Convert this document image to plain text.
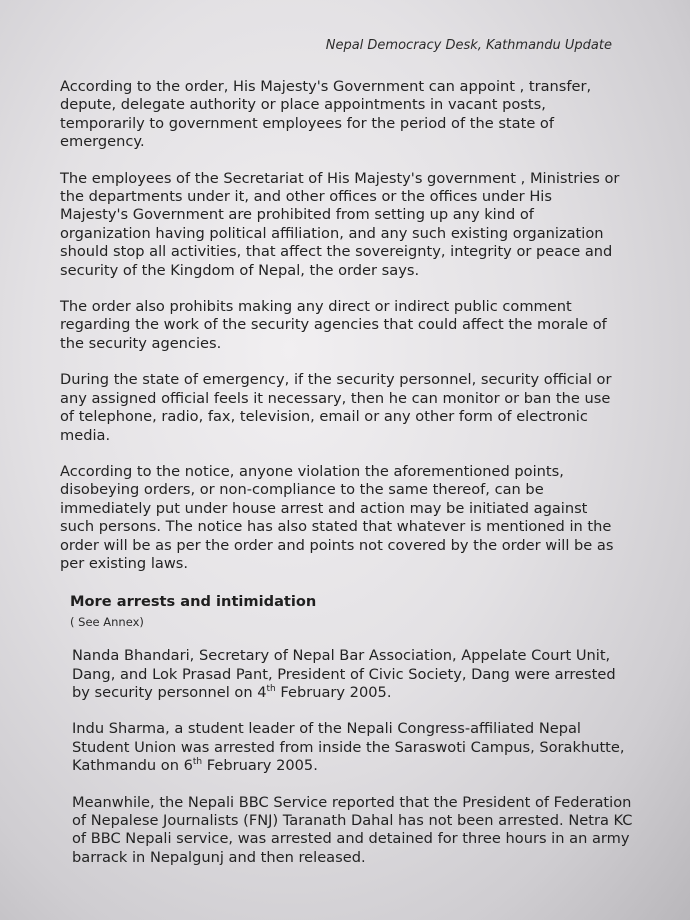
Nepal Democracy Desk, Kathmandu Update

According to the order, His Majesty's Government can appoint , transfer, depute, delegate authority or place appointments in vacant posts, temporarily to government employees for the period of the state of emergency.

The employees of the Secretariat of His Majesty's government , Ministries or the departments under it, and other offices or the offices under His Majesty's Government are prohibited from setting up any kind of organization having political affiliation, and any such existing organization should stop all activities, that affect the sovereignty, integrity or peace and security of the Kingdom of Nepal, the order says.

The order also prohibits making any direct or indirect public comment regarding the work of the security agencies that could affect the morale of the security agencies.

During the state of emergency, if the security personnel, security official or any assigned official feels it necessary, then he can monitor or ban the use of telephone, radio, fax, television, email or any other form of electronic media.

According to the notice, anyone violation the aforementioned points, disobeying orders, or non-compliance to the same thereof, can be immediately put under house arrest and action may be initiated against such persons. The notice has also stated that whatever is mentioned in the order will be as per the order and points not covered by the order will be as per existing laws.

More arrests and intimidation
( See Annex)

Nanda Bhandari, Secretary of Nepal Bar Association, Appelate Court Unit, Dang, and Lok Prasad Pant, President of Civic Society, Dang were arrested by security personnel on 4th February 2005.

Indu Sharma, a student leader of the Nepali Congress-affiliated Nepal Student Union was arrested from inside the Saraswoti Campus, Sorakhutte, Kathmandu on 6th February 2005.

Meanwhile, the Nepali BBC Service reported that the President of Federation of Nepalese Journalists (FNJ) Taranath Dahal has not been arrested. Netra KC of BBC Nepali service, was arrested and detained for three hours in an army barrack in Nepalgunj and then released.
